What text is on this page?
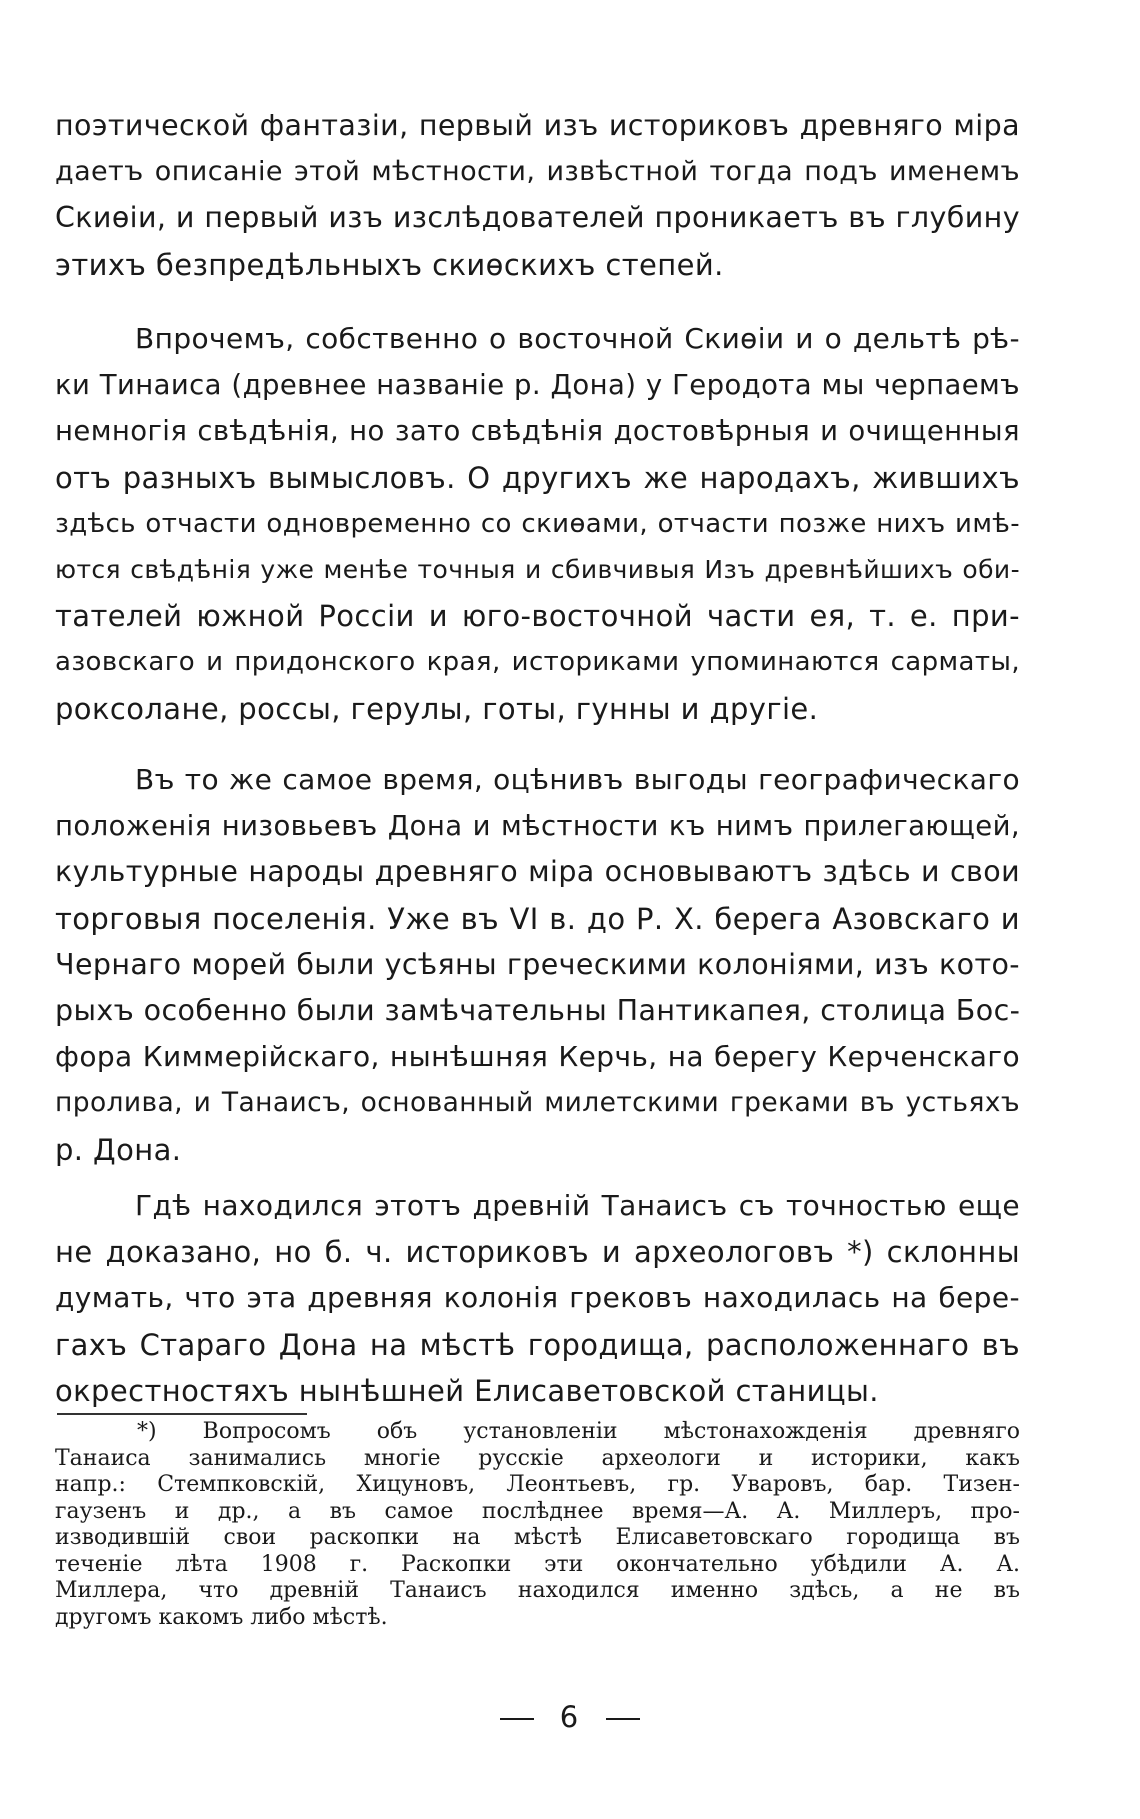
поэтической фантазіи, первый изъ историковъ древняго міра
даетъ описаніе этой мѣстности, извѣстной тогда подъ именемъ
Скиѳіи, и первый изъ изслѣдователей проникаетъ въ глубину
этихъ безпредѣльныхъ скиѳскихъ степей.
Впрочемъ, собственно о восточной Скиѳіи и о дельтѣ рѣ-
ки Тинаиса (древнее названіе р. Дона) у Геродота мы черпаемъ
немногія свѣдѣнія, но зато свѣдѣнія достовѣрныя и очищенныя
отъ разныхъ вымысловъ. О другихъ же народахъ, жившихъ
здѣсь отчасти одновременно со скиѳами, отчасти позже нихъ имѣ-
ются свѣдѣнія уже менѣе точныя и сбивчивыя Изъ древнѣйшихъ оби-
тателей южной Россіи и юго-восточной части ея, т. е. при-
азовскаго и придонского края, историками упоминаются сарматы,
роксолане, россы, герулы, готы, гунны и другіе.
Въ то же самое время, оцѣнивъ выгоды географическаго
положенія низовьевъ Дона и мѣстности къ нимъ прилегающей,
культурные народы древняго міра основываютъ здѣсь и свои
торговыя поселенія. Уже въ VI в. до Р. Х. берега Азовскаго и
Чернаго морей были усѣяны греческими колоніями, изъ кото-
рыхъ особенно были замѣчательны Пантикапея, столица Бос-
фора Киммерійскаго, нынѣшняя Керчь, на берегу Керченскаго
пролива, и Танаисъ, основанный милетскими греками въ устьяхъ
р. Дона.
Гдѣ находился этотъ древній Танаисъ съ точностью еще
не доказано, но б. ч. историковъ и археологовъ *) склонны
думать, что эта древняя колонія грековъ находилась на бере-
гахъ Стараго Дона на мѣстѣ городища, расположеннаго въ
окрестностяхъ нынѣшней Елисаветовской станицы.
*) Вопросомъ объ установленіи мѣстонахожденія древняго
Танаиса занимались многіе русскіе археологи и историки, какъ
напр.: Стемпковскій, Хицуновъ, Леонтьевъ, гр. Уваровъ, бар. Тизен-
гаузенъ и др., а въ самое послѣднее время—А. А. Миллеръ, про-
изводившій свои раскопки на мѣстѣ Елисаветовскаго городища въ
теченіе лѣта 1908 г. Раскопки эти окончательно убѣдили А. А.
Миллера, что древній Танаисъ находился именно здѣсь, а не въ
другомъ какомъ либо мѣстѣ.
6
